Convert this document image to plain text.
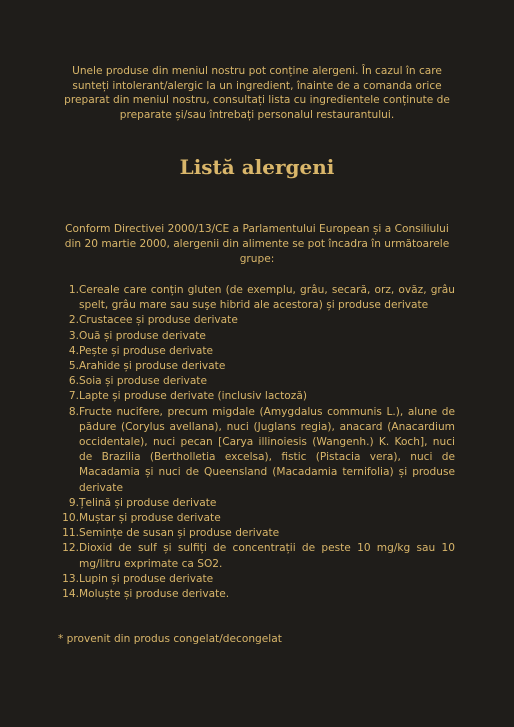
Unele produse din meniul nostru pot conține alergeni. În cazul în care sunteți intolerant/alergic la un ingredient, înainte de a comanda orice preparat din meniul nostru, consultați lista cu ingredientele conținute de preparate și/sau întrebați personalul restaurantului.

Listă alergeni

Conform Directivei 2000/13/CE a Parlamentului European și a Consiliului din 20 martie 2000, alergenii din alimente se pot încadra în următoarele grupe:

1. Cereale care conțin gluten (de exemplu, grâu, secară, orz, ovăz, grâu spelt, grâu mare sau suşe hibrid ale acestora) și produse derivate
2. Crustacee și produse derivate
3. Ouă și produse derivate
4. Pește și produse derivate
5. Arahide și produse derivate
6. Soia și produse derivate
7. Lapte și produse derivate (inclusiv lactoză)
8. Fructe nucifere, precum migdale (Amygdalus communis L.), alune de pădure (Corylus avellana), nuci (Juglans regia), anacard (Anacardium occidentale), nuci pecan [Carya illinoiesis (Wangenh.) K. Koch], nuci de Brazilia (Bertholletia excelsa), fistic (Pistacia vera), nuci de Macadamia și nuci de Queensland (Macadamia ternifolia) și produse derivate
9. Țelină și produse derivate
10. Muștar și produse derivate
11. Semințe de susan și produse derivate
12. Dioxid de sulf și sulfiți de concentrații de peste 10 mg/kg sau 10 mg/litru exprimate ca SO2.
13. Lupin și produse derivate
14. Moluște și produse derivate.
* provenit din produs congelat/decongelat
